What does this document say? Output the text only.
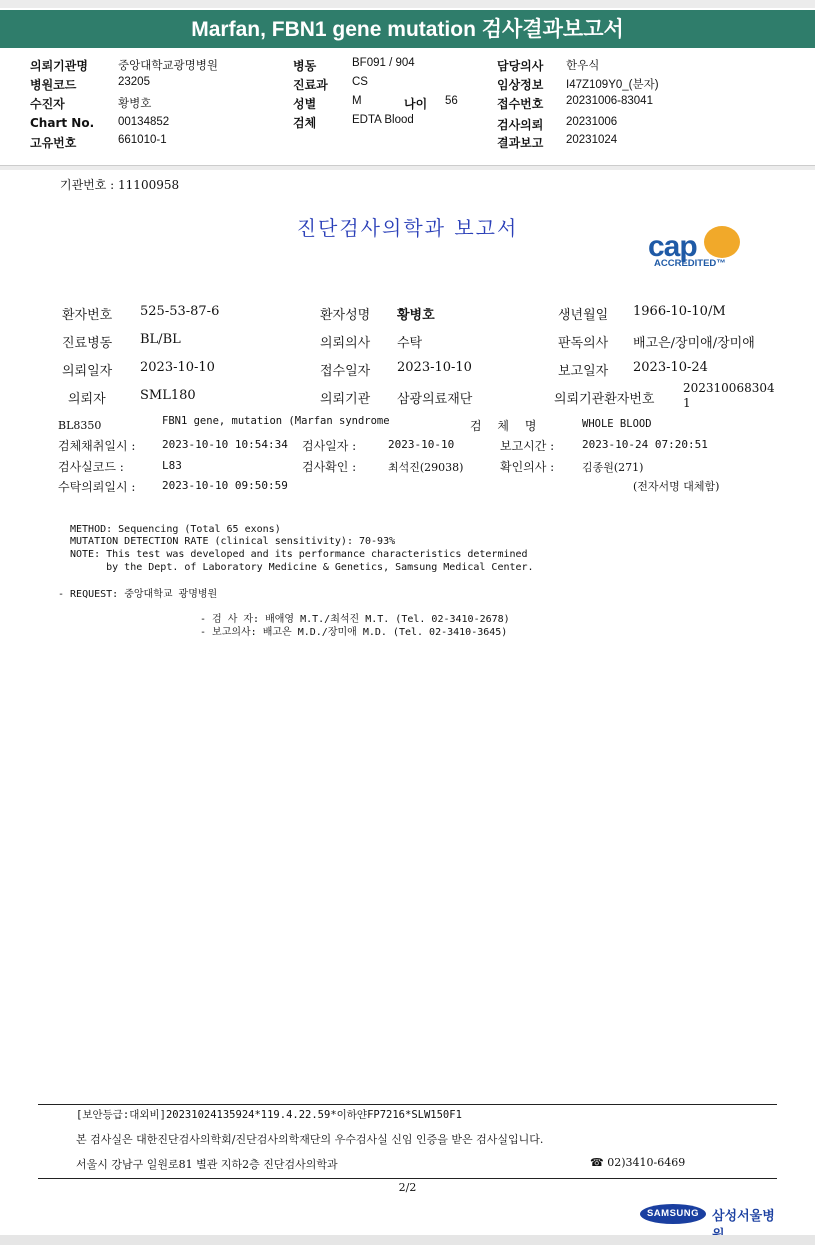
Marfan, FBN1 gene mutation 검사결과보고서
의뢰기관명	중앙대학교광명병원
병원코드	23205
수진자	황병호
Chart No. 00134852
고유번호	661010-1
병동	BF091 / 904
진료과 CS
성별	M	나이 56
검체	EDTA Blood
담당의사 한우식
임상정보 I47Z109Y0_(분자)
접수번호 20231006-83041
검사의뢰 20231006
결과보고 20231024
기관번호 : 11100958
진단검사의학과 보고서
cap
ACCREDITED™
환자번호 525-53-87-6	환자성명 황병호	생년월일 1966-10-10/M
진료병동 BL/BL	의뢰의사 수탁	판독의사 배고은/장미애/장미애
의뢰일자 2023-10-10	접수일자 2023-10-10	보고일자 2023-10-24
의뢰자	SML180	의뢰기관 삼광의료재단	의뢰기관환자번호
202310068304
1
BL8350	FBN1 gene, mutation (Marfan syndrome	검 체 명	WHOLE BLOOD
검체채취일시 : 2023-10-10 10:54:34 검사일자 :	2023-10-10	보고시간 :	2023-10-24 07:20:51
검사실코드 :	L83	검사확인 :	최석진(29038)	확인의사 :	김종원(271)
수탁의뢰일시 : 2023-10-10 09:50:59	(전자서명 대체함)
METHOD: Sequencing (Total 65 exons)
MUTATION DETECTION RATE (clinical sensitivity): 70-93%
NOTE: This test was developed and its performance characteristics determined
by the Dept. of Laboratory Medicine & Genetics, Samsung Medical Center.
- REQUEST: 중앙대학교 광명병원
- 검 사 자: 배애영 M.T./최석진 M.T. (Tel. 02-3410-2678)
- 보고의사: 배고은 M.D./장미애 M.D. (Tel. 02-3410-3645)
[보안등급:대외비]20231024135924*119.4.22.59*이하얀FP7216*SLW150F1
본 검사실은 대한진단검사의학회/진단검사의학재단의 우수검사실 신임 인증을 받은 검사실입니다.
서울시 강남구 일원로81 별관 지하2층 진단검사의학과	☎ 02)3410-6469
2/2
SAMSUNG 삼성서울병
